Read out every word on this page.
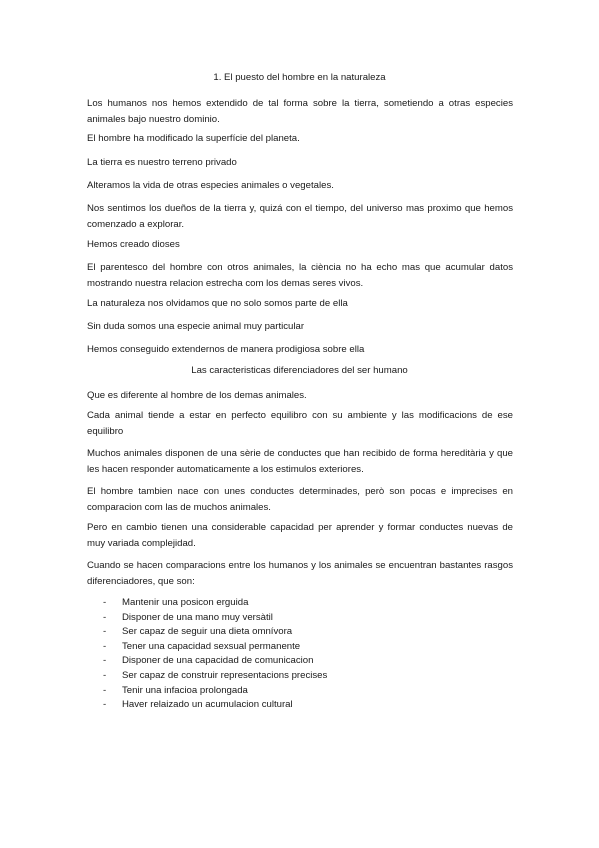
1. El puesto del hombre en la naturaleza
Los humanos nos hemos extendido de tal forma sobre la tierra, sometiendo a otras especies animales bajo nuestro dominio.
El hombre ha modificado la superfície del planeta.
La tierra es nuestro terreno privado
Alteramos la vida de otras especies animales o vegetales.
Nos sentimos los dueños de la tierra y, quizá con el tiempo, del universo mas proximo que hemos comenzado a explorar.
Hemos creado dioses
El parentesco del hombre con otros animales, la ciència no ha echo mas que acumular datos mostrando nuestra relacion estrecha com los demas seres vivos.
La naturaleza nos olvidamos que no solo somos parte de ella
Sin duda somos una especie animal muy particular
Hemos conseguido extendernos de manera prodigiosa sobre ella
Las caracteristicas diferenciadores del ser humano
Que es diferente al hombre de los demas animales.
Cada animal tiende a estar en perfecto equilibro con su ambiente y las modificacions de ese equilibro
Muchos animales disponen de una sèrie de conductes que han recibido de forma hereditària y que les hacen responder automaticamente a los estimulos exteriores.
El hombre tambien nace con unes conductes determinades, però son pocas e imprecises en comparacion com las de muchos animales.
Pero en cambio tienen una considerable capacidad per aprender y formar conductes nuevas de muy variada complejidad.
Cuando se hacen comparacions entre los humanos y los animales se encuentran bastantes rasgos diferenciadores, que son:
- Mantenir una posicon erguida
- Disponer de una mano muy versàtil
- Ser capaz de seguir una dieta omnívora
- Tener una capacidad sexsual permanente
- Disponer de una capacidad de comunicacion
- Ser capaz de construir representacions precises
- Tenir una infacioa prolongada
- Haver relaizado un acumulacion cultural
